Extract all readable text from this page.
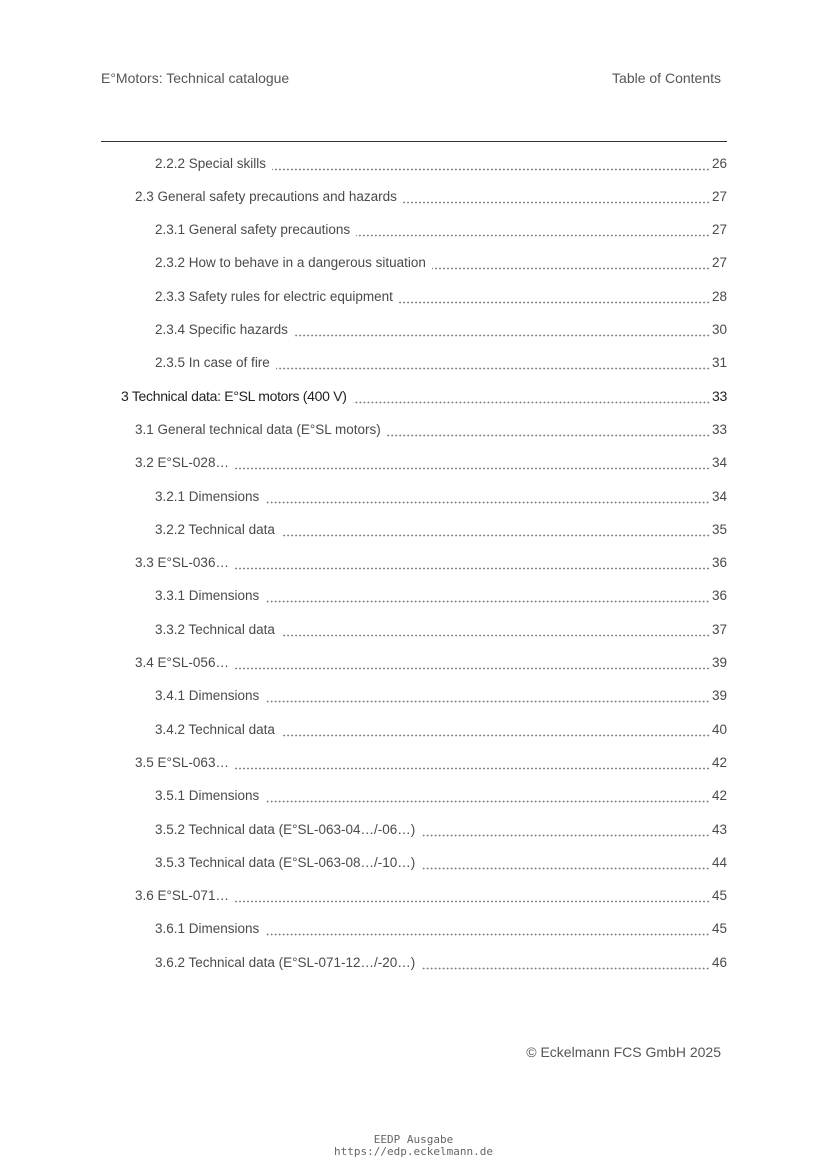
E°Motors: Technical catalogue	Table of Contents
2.2.2 Special skills	26
2.3 General safety precautions and hazards	27
2.3.1 General safety precautions	27
2.3.2 How to behave in a dangerous situation	27
2.3.3 Safety rules for electric equipment	28
2.3.4 Specific hazards	30
2.3.5 In case of fire	31
3 Technical data: E°SL motors (400 V)	33
3.1 General technical data (E°SL motors)	33
3.2 E°SL-028…	34
3.2.1 Dimensions	34
3.2.2 Technical data	35
3.3 E°SL-036…	36
3.3.1 Dimensions	36
3.3.2 Technical data	37
3.4 E°SL-056…	39
3.4.1 Dimensions	39
3.4.2 Technical data	40
3.5 E°SL-063…	42
3.5.1 Dimensions	42
3.5.2 Technical data (E°SL-063-04…/-06…)	43
3.5.3 Technical data (E°SL-063-08…/-10…)	44
3.6 E°SL-071…	45
3.6.1 Dimensions	45
3.6.2 Technical data (E°SL-071-12…/-20…)	46
© Eckelmann FCS GmbH 2025
EEDP Ausgabe
https://edp.eckelmann.de
